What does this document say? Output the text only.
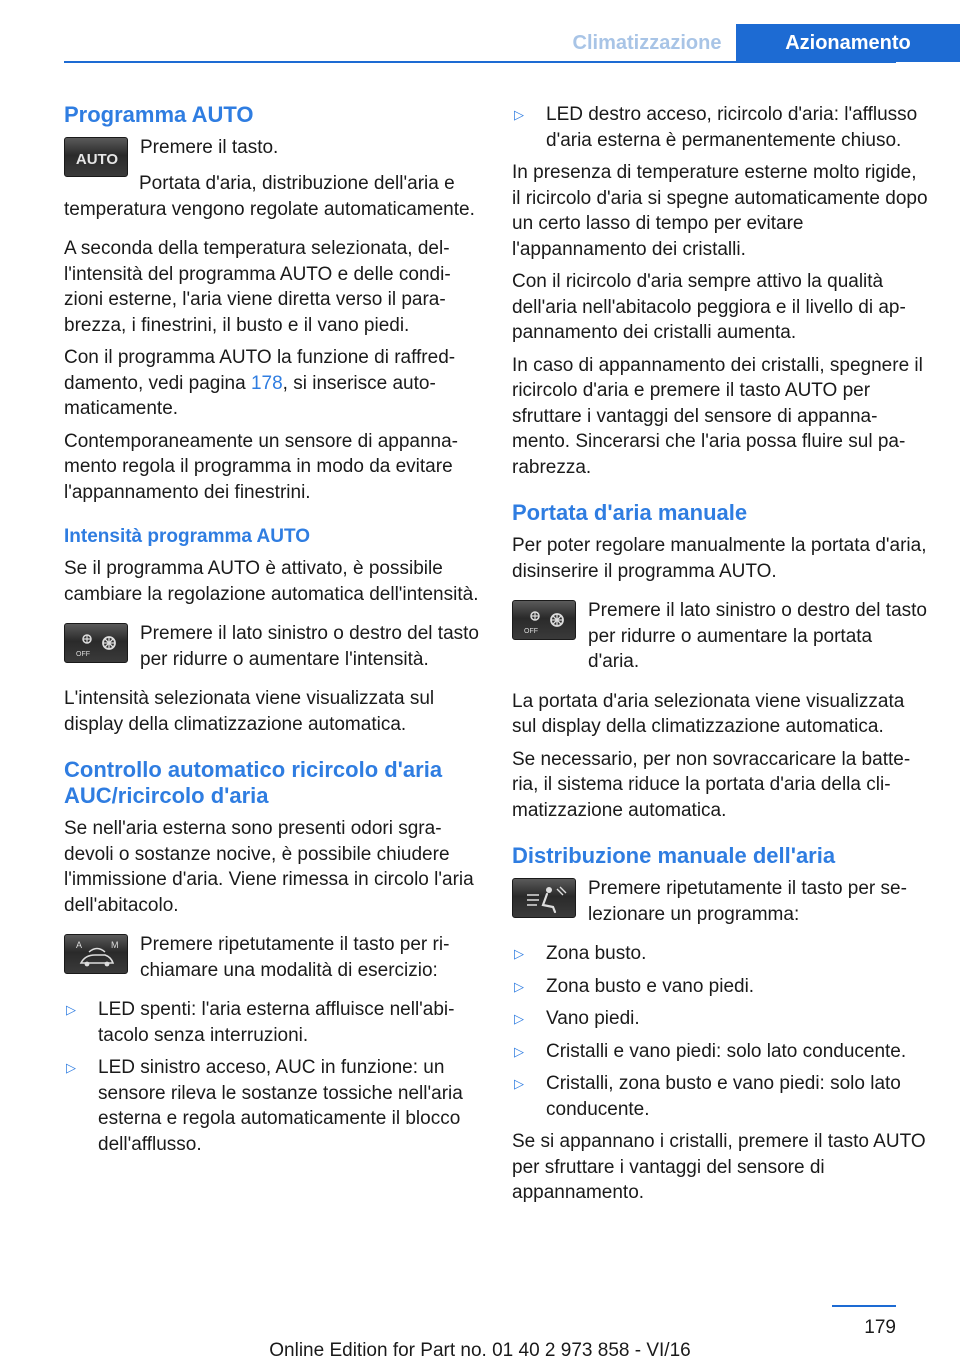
Climatizzazione	Azionamento
Programma AUTO
AUTO

Premere il tasto.

Portata d'aria, distribuzione dell'aria e temperatura vengono regolate automaticamente.

A seconda della temperatura selezionata, dell'intensità del programma AUTO e delle condizioni esterne, l'aria viene diretta verso il parabrezza, i finestrini, il busto e il vano piedi.

Con il programma AUTO la funzione di raffreddamento, vedi pagina 178, si inserisce automaticamente.

Contemporaneamente un sensore di appannamento regola il programma in modo da evitare l'appannamento dei finestrini.

Intensità programma AUTO

Se il programma AUTO è attivato, è possibile cambiare la regolazione automatica dell'intensità.

OFF

Premere il lato sinistro o destro del tasto per ridurre o aumentare l'intensità.

L'intensità selezionata viene visualizzata sul display della climatizzazione automatica.

Controllo automatico ricircolo d'aria AUC/ricircolo d'aria

Se nell'aria esterna sono presenti odori sgradevoli o sostanze nocive, è possibile chiudere l'immissione d'aria. Viene rimessa in circolo l'aria dell'abitacolo.

A	M Premere ripetutamente il tasto per richiamare una modalità di esercizio:

▷	LED spenti: l'aria esterna affluisce nell'abitacolo senza interruzioni.
▷	LED sinistro acceso, AUC in funzione: un sensore rileva le sostanze tossiche nell'aria esterna e regola automaticamente il blocco dell'afflusso.
▷	LED destro acceso, ricircolo d'aria: l'afflusso d'aria esterna è permanentemente chiuso.

In presenza di temperature esterne molto rigide, il ricircolo d'aria si spegne automaticamente dopo un certo lasso di tempo per evitare l'appannamento dei cristalli.

Con il ricircolo d'aria sempre attivo la qualità dell'aria nell'abitacolo peggiora e il livello di appannamento dei cristalli aumenta.

In caso di appannamento dei cristalli, spegnere il ricircolo d'aria e premere il tasto AUTO per sfruttare i vantaggi del sensore di appannamento. Sincerarsi che l'aria possa fluire sul parabrezza.

Portata d'aria manuale

Per poter regolare manualmente la portata d'aria, disinserire il programma AUTO.

OFF

Premere il lato sinistro o destro del tasto per ridurre o aumentare la portata d'aria.

La portata d'aria selezionata viene visualizzata sul display della climatizzazione automatica.

Se necessario, per non sovraccaricare la batteria, il sistema riduce la portata d'aria della climatizzazione automatica.

Distribuzione manuale dell'aria

Premere ripetutamente il tasto per selezionare un programma:

▷	Zona busto.
▷	Zona busto e vano piedi.
▷	Vano piedi.
▷	Cristalli e vano piedi: solo lato conducente.
▷	Cristalli, zona busto e vano piedi: solo lato conducente.

Se si appannano i cristalli, premere il tasto AUTO per sfruttare i vantaggi del sensore di appannamento.

179
Online Edition for Part no. 01 40 2 973 858 - VI/16
